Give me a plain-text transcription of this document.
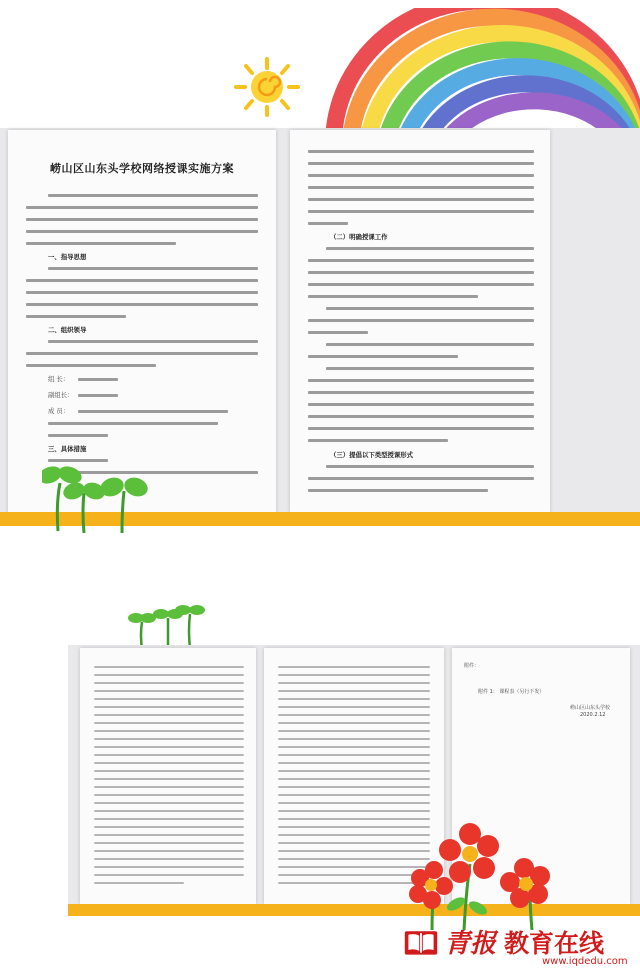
崂山区山东头学校网络授课实施方案
一、指导思想
二、组织领导
组 长：
副组长：
成 员：
三、具体措施
（二）明确授课工作
（三）提倡以下类型授课形式
附件：
附件 1： 课程表（另行下发）
崂山区山东头学校
2020.2.12
青报 教育在线
www.iqdedu.com
